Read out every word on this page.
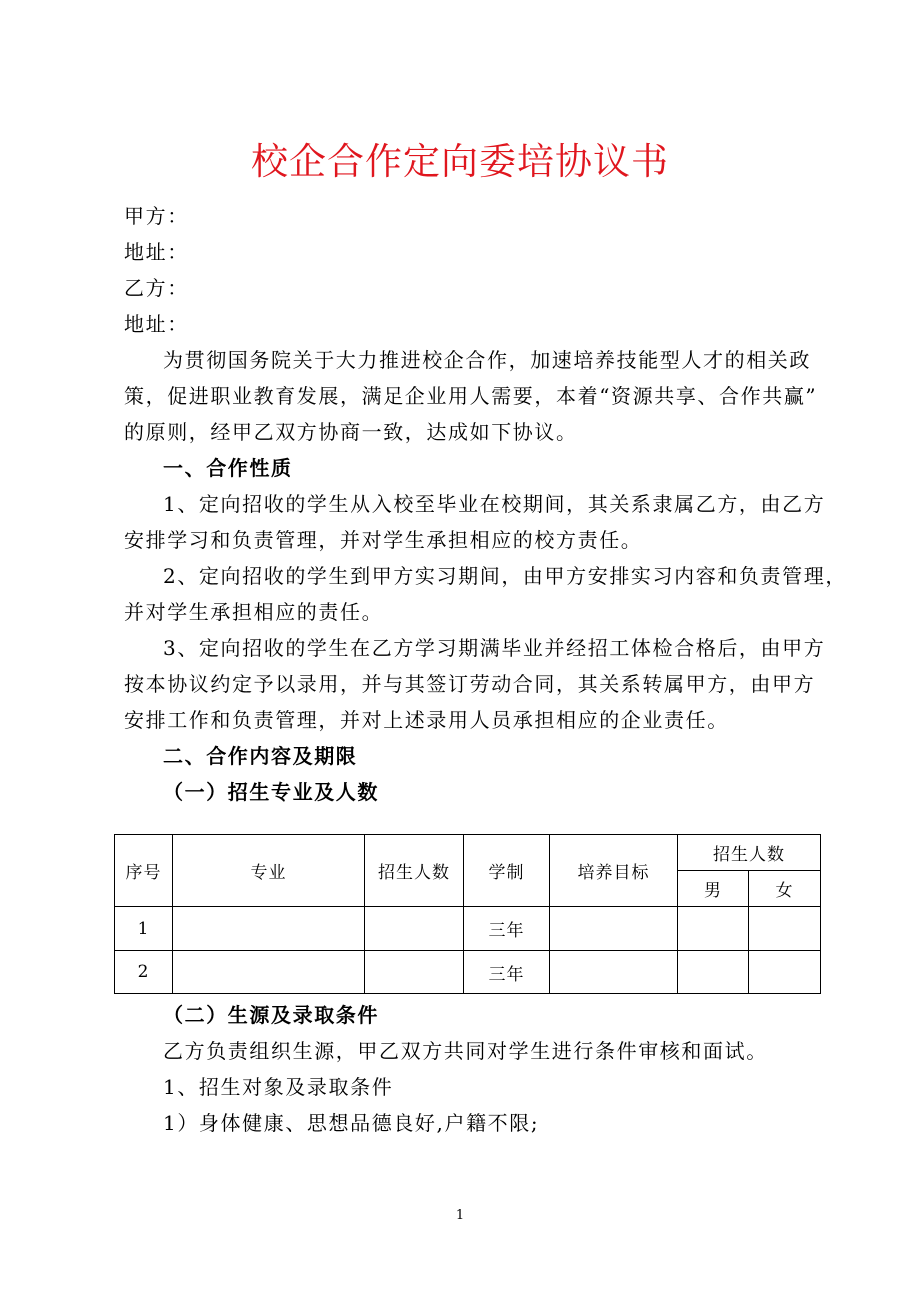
校企合作定向委培协议书
甲方：
地址：
乙方：
地址：
为贯彻国务院关于大力推进校企合作，加速培养技能型人才的相关政
策，促进职业教育发展，满足企业用人需要，本着“资源共享、合作共赢”
的原则，经甲乙双方协商一致，达成如下协议。
一、合作性质
1、定向招收的学生从入校至毕业在校期间，其关系隶属乙方，由乙方
安排学习和负责管理，并对学生承担相应的校方责任。
2、定向招收的学生到甲方实习期间，由甲方安排实习内容和负责管理，
并对学生承担相应的责任。
3、定向招收的学生在乙方学习期满毕业并经招工体检合格后，由甲方
按本协议约定予以录用，并与其签订劳动合同，其关系转属甲方，由甲方
安排工作和负责管理，并对上述录用人员承担相应的企业责任。
二、合作内容及期限
（一）招生专业及人数
序号	专业	招生人数	学制	培养目标	招生人数	
					男	女
1			三年			
2			三年			
（二）生源及录取条件
乙方负责组织生源，甲乙双方共同对学生进行条件审核和面试。
1、招生对象及录取条件
1）身体健康、思想品德良好,户籍不限;
1
